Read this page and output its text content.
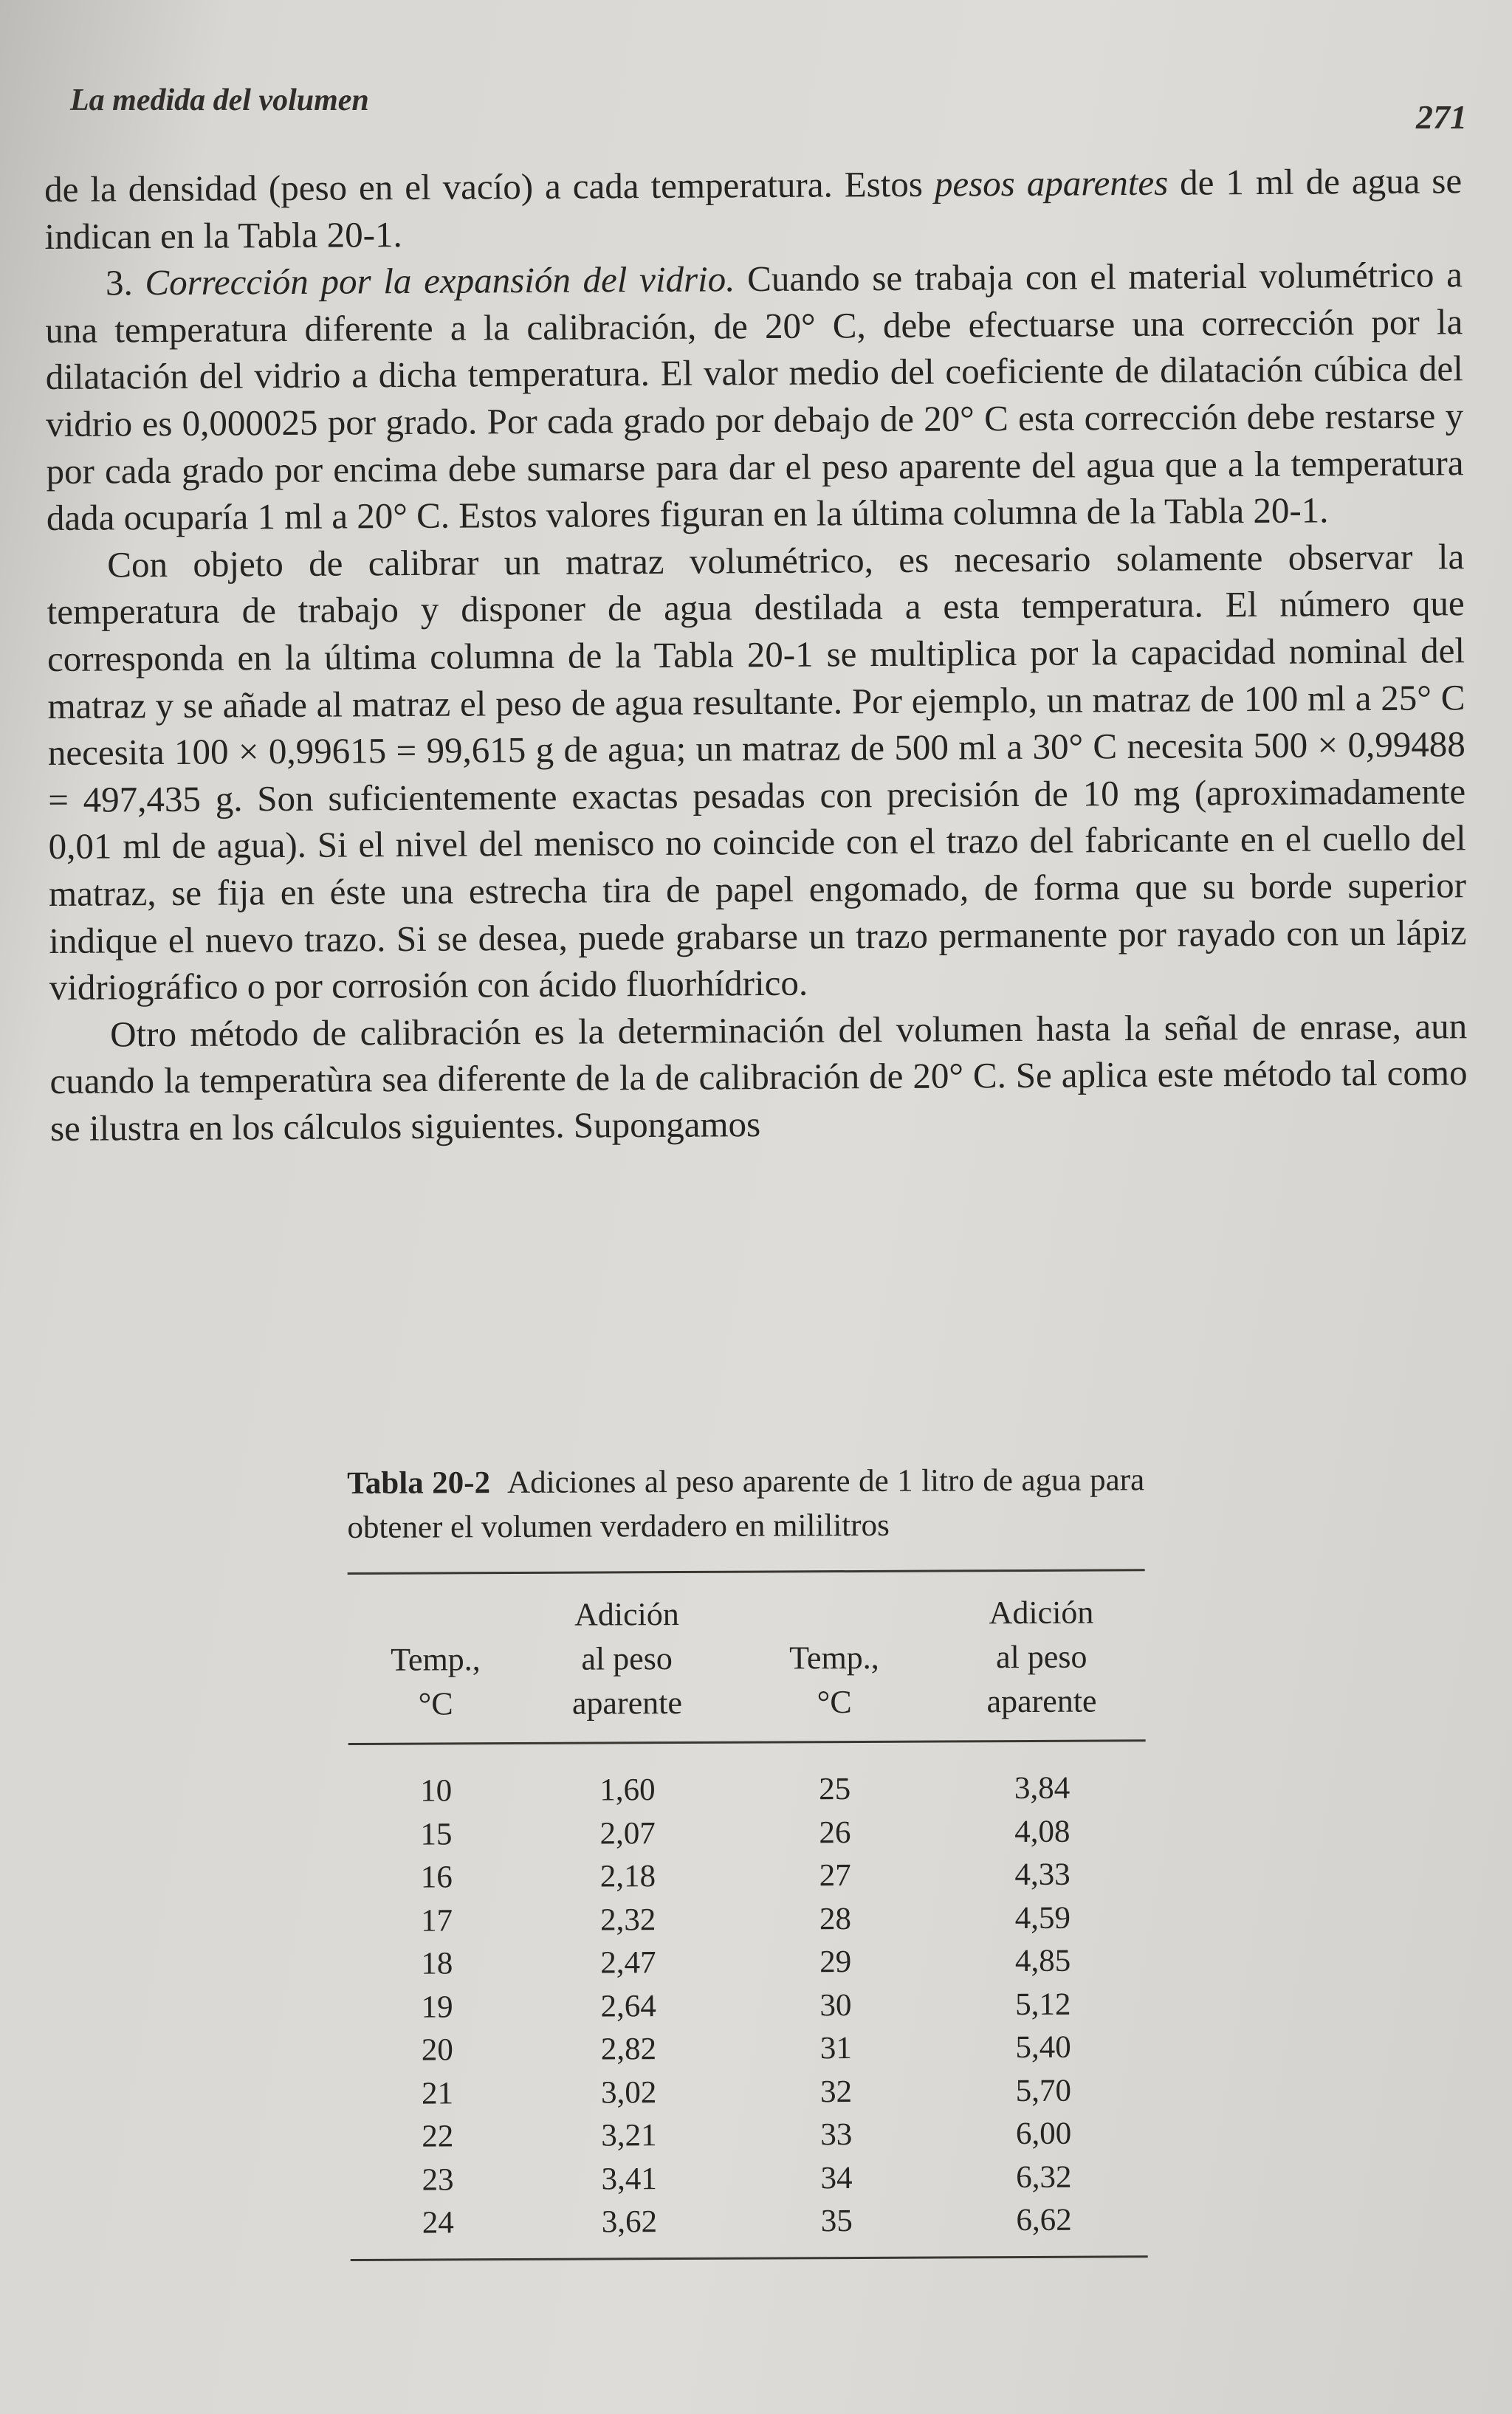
La medida del volumen	271

de la densidad (peso en el vacío) a cada temperatura. Estos pesos aparentes de 1 ml de agua se indican en la Tabla 20-1.

3. Corrección por la expansión del vidrio. Cuando se trabaja con el material volumétrico a una temperatura diferente a la calibración, de 20° C, debe efectuarse una corrección por la dilatación del vidrio a dicha temperatura. El valor medio del coeficiente de dilatación cúbica del vidrio es 0,000025 por grado. Por cada grado por debajo de 20° C esta corrección debe restarse y por cada grado por encima debe sumarse para dar el peso aparente del agua que a la temperatura dada ocuparía 1 ml a 20° C. Estos valores figuran en la última columna de la Tabla 20-1.

Con objeto de calibrar un matraz volumétrico, es necesario solamente observar la temperatura de trabajo y disponer de agua destilada a esta temperatura. El número que corresponda en la última columna de la Tabla 20-1 se multiplica por la capacidad nominal del matraz y se añade al matraz el peso de agua resultante. Por ejemplo, un matraz de 100 ml a 25° C necesita 100 × 0,99615 = 99,615 g de agua; un matraz de 500 ml a 30° C necesita 500 × 0,99488 = 497,435 g. Son suficientemente exactas pesadas con precisión de 10 mg (aproximadamente 0,01 ml de agua). Si el nivel del menisco no coincide con el trazo del fabricante en el cuello del matraz, se fija en éste una estrecha tira de papel engomado, de forma que su borde superior indique el nuevo trazo. Si se desea, puede grabarse un trazo permanente por rayado con un lápiz vidriográfico o por corrosión con ácido fluorhídrico.

Otro método de calibración es la determinación del volumen hasta la señal de enrase, aun cuando la temperatùra sea diferente de la de calibración de 20° C. Se aplica este método tal como se ilustra en los cálculos siguientes. Supongamos

Tabla 20-2 Adiciones al peso aparente de 1 litro de agua para obtener el volumen verdadero en mililitros

Temp.,
°C

Adición
al peso
aparente

Temp.,
°C

Adición
al peso
aparente
10	1,60	25	3,84
15	2,07	26	4,08
16	2,18	27	4,33
17	2,32	28	4,59
18	2,47	29	4,85
19	2,64	30	5,12
20	2,82	31	5,40
21	3,02	32	5,70
22	3,21	33	6,00
23	3,41	34	6,32
24	3,62	35	6,62
